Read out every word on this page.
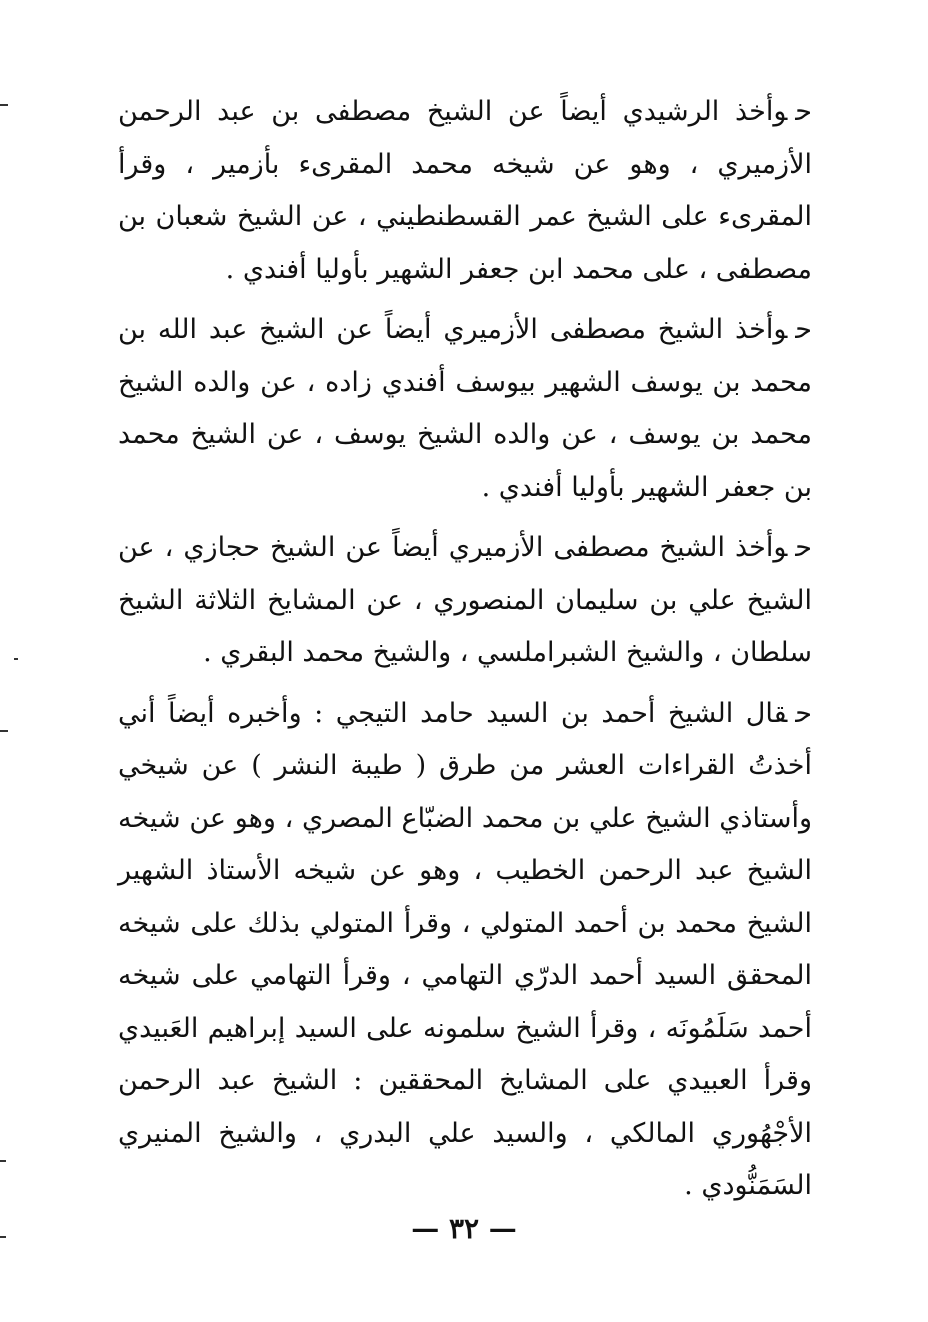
حوأخذ الرشيدي أيضاً عن الشيخ مصطفى بن عبد الرحمن الأزميري ، وهو عن شيخه محمد المقرىء بأزمير ، وقرأ المقرىء على الشيخ عمر القسطنطيني ، عن الشيخ شعبان بن مصطفى ، على محمد ابن جعفر الشهير بأوليا أفندي .

حوأخذ الشيخ مصطفى الأزميري أيضاً عن الشيخ عبد الله بن محمد بن يوسف الشهير بيوسف أفندي زاده ، عن والده الشيخ محمد بن يوسف ، عن والده الشيخ يوسف ، عن الشيخ محمد بن جعفر الشهير بأوليا أفندي .

حوأخذ الشيخ مصطفى الأزميري أيضاً عن الشيخ حجازي ، عن الشيخ علي بن سليمان المنصوري ، عن المشايخ الثلاثة الشيخ سلطان ، والشيخ الشبراملسي ، والشيخ محمد البقري .

حقال الشيخ أحمد بن السيد حامد التيجي : وأخبره أيضاً أني أخذتُ القراءات العشر من طرق ( طيبة النشر ) عن شيخي وأستاذي الشيخ علي بن محمد الضبّاع المصري ، وهو عن شيخه الشيخ عبد الرحمن الخطيب ، وهو عن شيخه الأستاذ الشهير الشيخ محمد بن أحمد المتولي ، وقرأ المتولي بذلك على شيخه المحقق السيد أحمد الدرّي التهامي ، وقرأ التهامي على شيخه أحمد سَلَمُونَه ، وقرأ الشيخ سلمونه على السيد إبراهيم العَبيدي وقرأ العبيدي على المشايخ المحققين : الشيخ عبد الرحمن الأجْهُوري المالكي ، والسيد علي البدري ، والشيخ المنيري السَمَنُّودي .

— ٣٢ —
